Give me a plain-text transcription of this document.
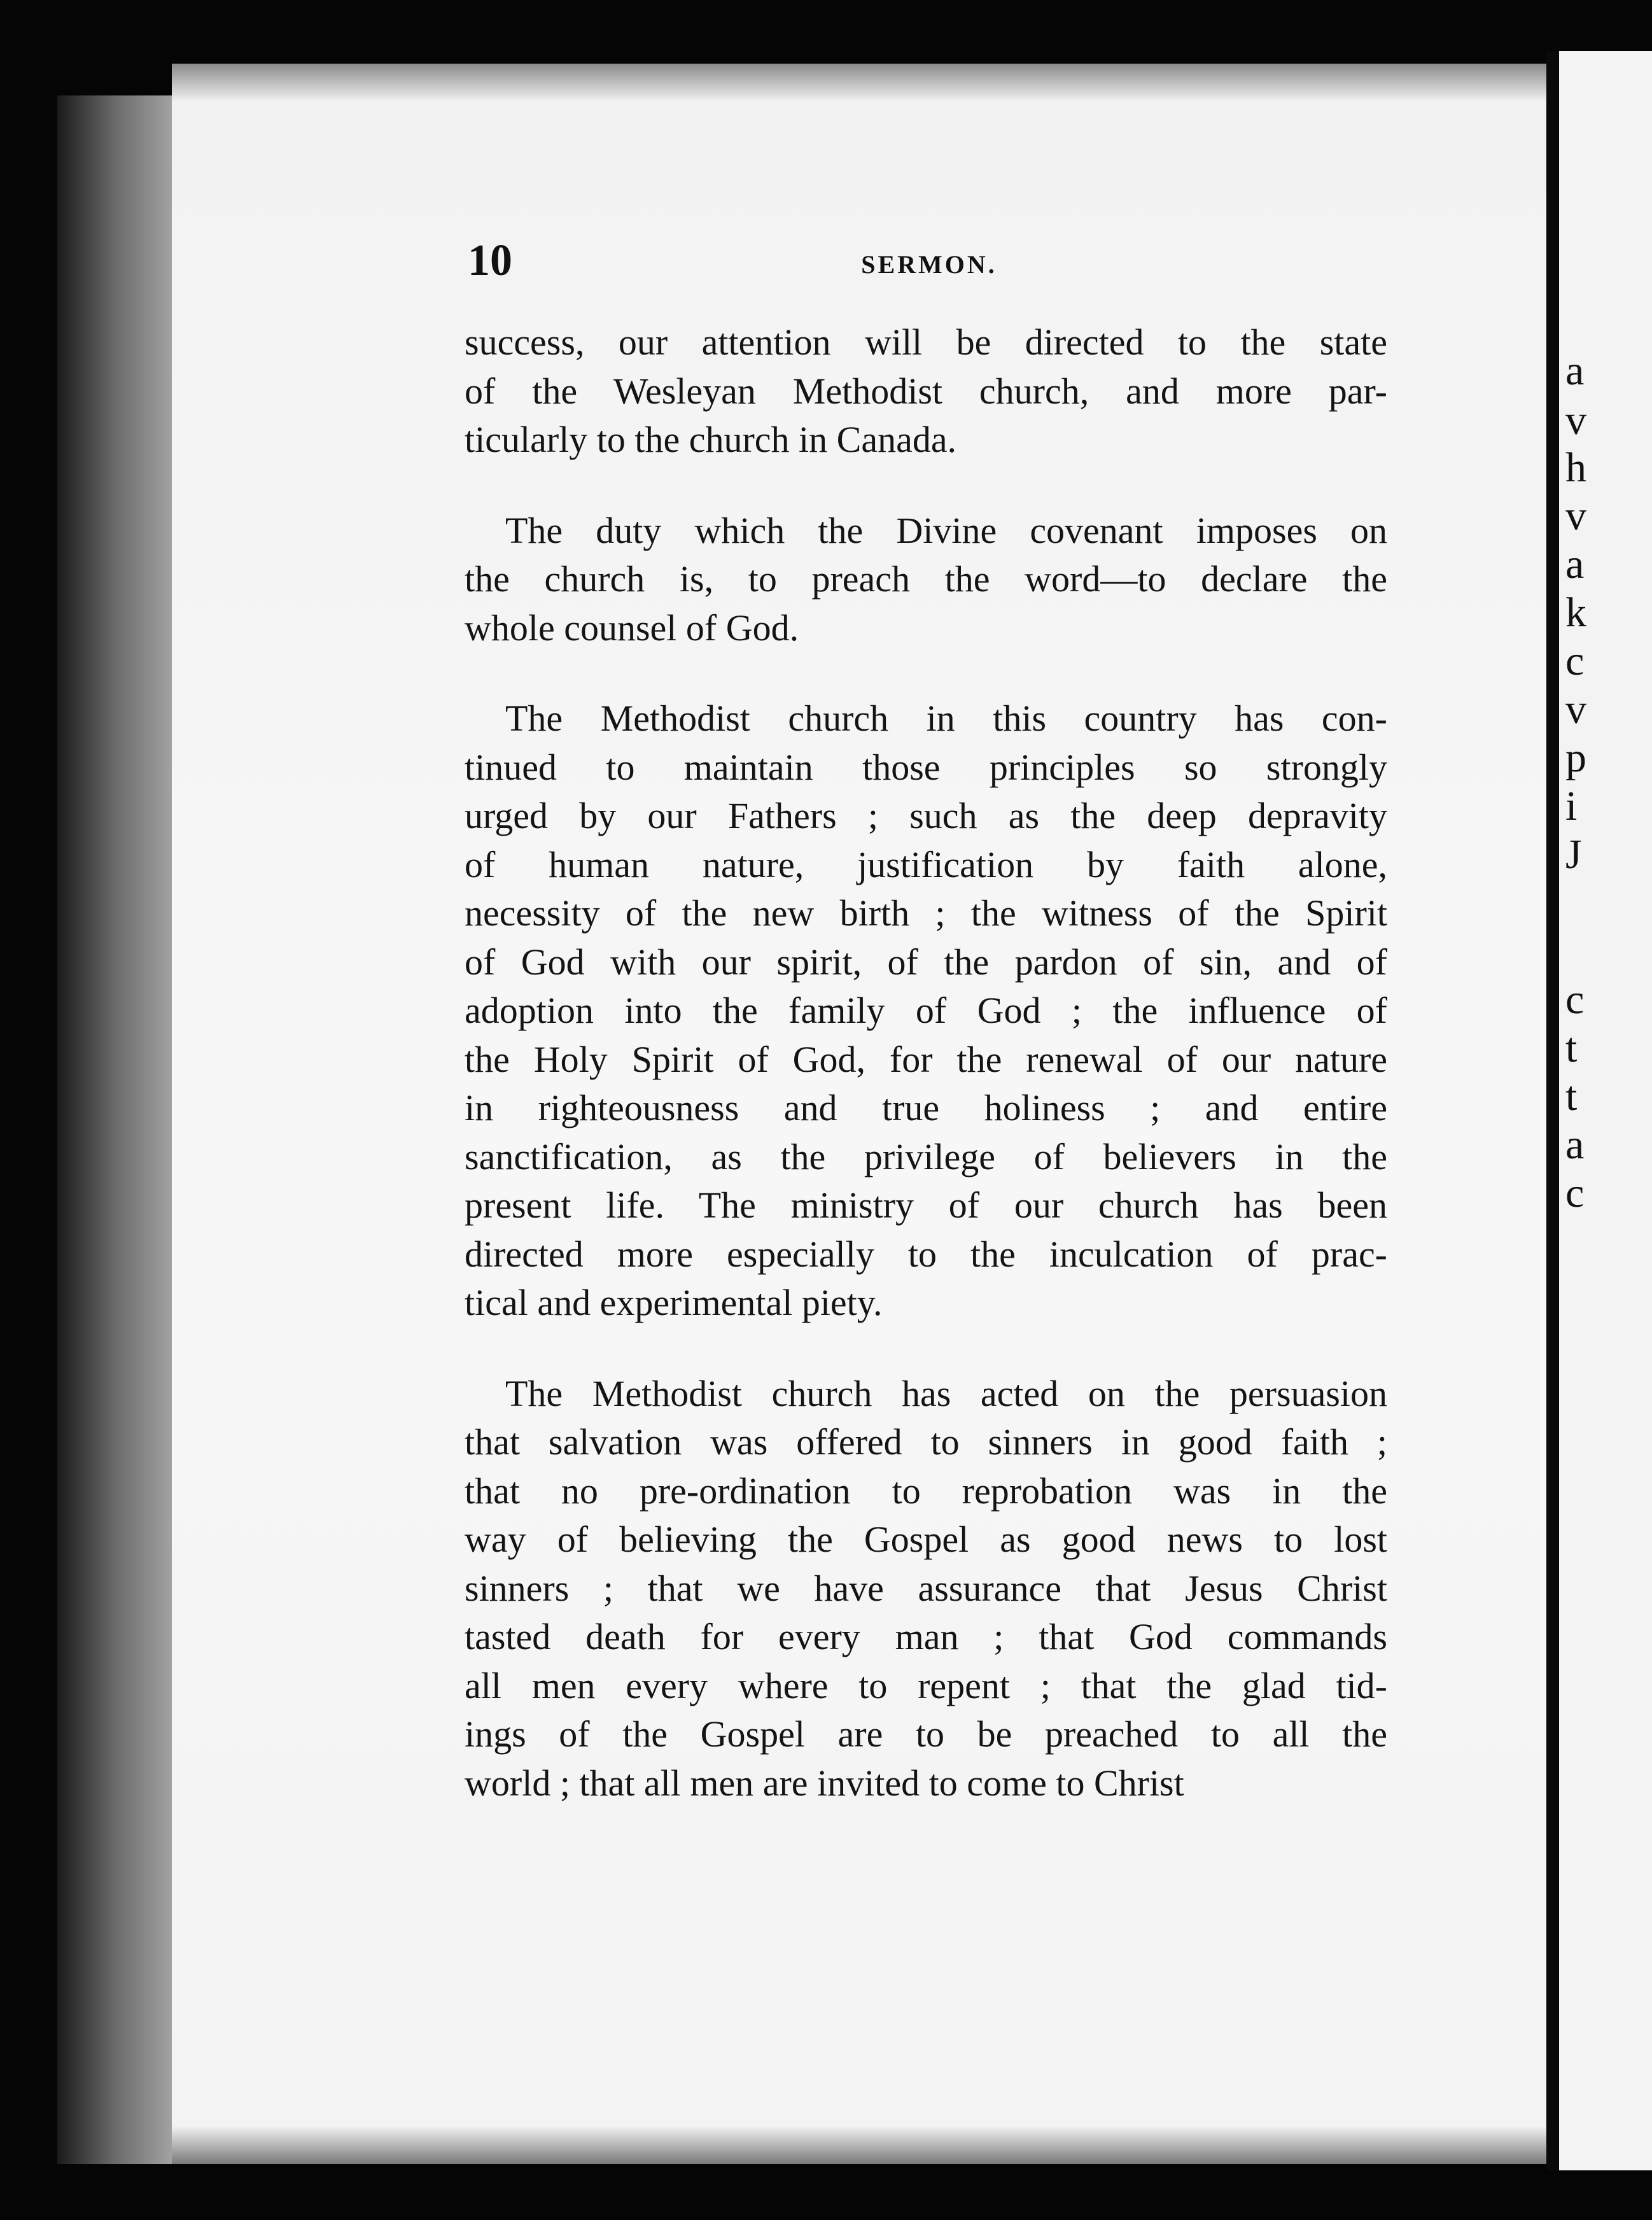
a
v
h
v
a
k
c
v
p
i
J
c
t
t
a
c
10	SERMON.
success, our attention will be directed to the state
of the Wesleyan Methodist church, and more par-
ticularly to the church in Canada.
The duty which the Divine covenant imposes on
the church is, to preach the word—to declare the
whole counsel of God.
The Methodist church in this country has con-
tinued to maintain those principles so strongly
urged by our Fathers ; such as the deep depravity
of human nature, justification by faith alone,
necessity of the new birth ; the witness of the Spirit
of God with our spirit, of the pardon of sin, and of
adoption into the family of God ; the influence of
the Holy Spirit of God, for the renewal of our nature
in righteousness and true holiness ; and entire
sanctification, as the privilege of believers in the
present life. The ministry of our church has been
directed more especially to the inculcation of prac-
tical and experimental piety.
The Methodist church has acted on the persuasion
that salvation was offered to sinners in good faith ;
that no pre-ordination to reprobation was in the
way of believing the Gospel as good news to lost
sinners ; that we have assurance that Jesus Christ
tasted death for every man ; that God commands
all men every where to repent ; that the glad tid-
ings of the Gospel are to be preached to all the
world ; that all men are invited to come to Christ
